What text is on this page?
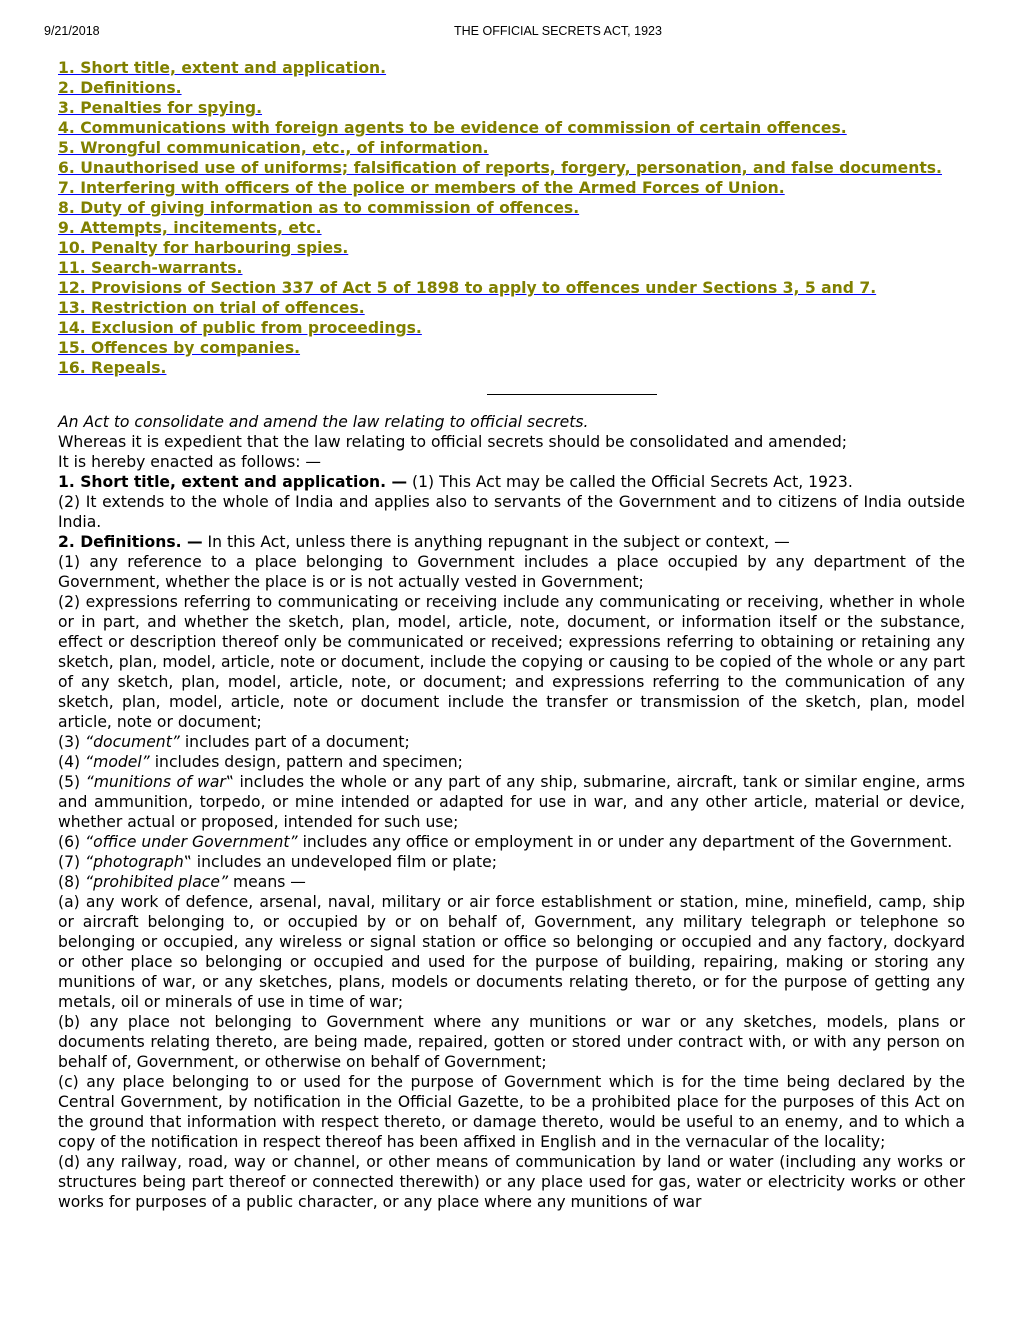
9/21/2018	THE OFFICIAL SECRETS ACT, 1923
1. Short title, extent and application.
2. Definitions.
3. Penalties for spying.
4. Communications with foreign agents to be evidence of commission of certain offences.
5. Wrongful communication, etc., of information.
6. Unauthorised use of uniforms; falsification of reports, forgery, personation, and false documents.
7. Interfering with officers of the police or members of the Armed Forces of Union.
8. Duty of giving information as to commission of offences.
9. Attempts, incitements, etc.
10. Penalty for harbouring spies.
11. Search-warrants.
12. Provisions of Section 337 of Act 5 of 1898 to apply to offences under Sections 3, 5 and 7.
13. Restriction on trial of offences.
14. Exclusion of public from proceedings.
15. Offences by companies.
16. Repeals.

An Act to consolidate and amend the law relating to official secrets.

Whereas it is expedient that the law relating to official secrets should be consolidated and amended;

It is hereby enacted as follows: —

1. Short title, extent and application. — (1) This Act may be called the Official Secrets Act, 1923.

(2) It extends to the whole of India and applies also to servants of the Government and to citizens of India outside India.

2. Definitions. — In this Act, unless there is anything repugnant in the subject or context, —

(1) any reference to a place belonging to Government includes a place occupied by any department of the Government, whether the place is or is not actually vested in Government;

(2) expressions referring to communicating or receiving include any communicating or receiving, whether in whole or in part, and whether the sketch, plan, model, article, note, document, or information itself or the substance, effect or description thereof only be communicated or received; expressions referring to obtaining or retaining any sketch, plan, model, article, note or document, include the copying or causing to be copied of the whole or any part of any sketch, plan, model, article, note, or document; and expressions referring to the communication of any sketch, plan, model, article, note or document include the transfer or transmission of the sketch, plan, model article, note or document;

(3) “document” includes part of a document;

(4) “model” includes design, pattern and specimen;

(5) “munitions of war‟ includes the whole or any part of any ship, submarine, aircraft, tank or similar engine, arms and ammunition, torpedo, or mine intended or adapted for use in war, and any other article, material or device, whether actual or proposed, intended for such use;

(6) “office under Government” includes any office or employment in or under any department of the Government.

(7) “photograph‟ includes an undeveloped film or plate;

(8) “prohibited place” means —

(a) any work of defence, arsenal, naval, military or air force establishment or station, mine, minefield, camp, ship or aircraft belonging to, or occupied by or on behalf of, Government, any military telegraph or telephone so belonging or occupied, any wireless or signal station or office so belonging or occupied and any factory, dockyard or other place so belonging or occupied and used for the purpose of building, repairing, making or storing any munitions of war, or any sketches, plans, models or documents relating thereto, or for the purpose of getting any metals, oil or minerals of use in time of war;

(b) any place not belonging to Government where any munitions or war or any sketches, models, plans or documents relating thereto, are being made, repaired, gotten or stored under contract with, or with any person on behalf of, Government, or otherwise on behalf of Government;

(c) any place belonging to or used for the purpose of Government which is for the time being declared by the Central Government, by notification in the Official Gazette, to be a prohibited place for the purposes of this Act on the ground that information with respect thereto, or damage thereto, would be useful to an enemy, and to which a copy of the notification in respect thereof has been affixed in English and in the vernacular of the locality;

(d) any railway, road, way or channel, or other means of communication by land or water (including any works or structures being part thereof or connected therewith) or any place used for gas, water or electricity works or other works for purposes of a public character, or any place where any munitions of war
